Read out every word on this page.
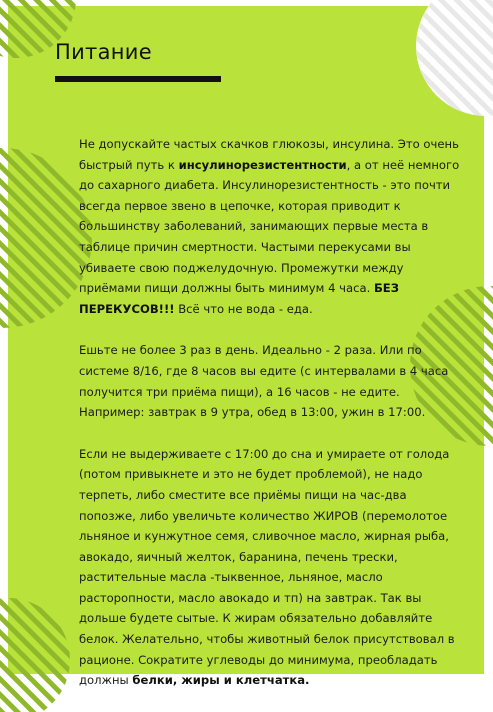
Питание

Не допускайте частых скачков глюкозы, инсулина. Это очень быстрый путь к инсулинорезистентности, а от неё немного до сахарного диабета. Инсулинорезистентность - это почти всегда первое звено в цепочке, которая приводит к большинству заболеваний, занимающих первые места в таблице причин смертности. Частыми перекусами вы убиваете свою поджелудочную. Промежутки между приёмами пищи должны быть минимум 4 часа. БЕЗ ПЕРЕКУСОВ!!! Всё что не вода - еда.

Ешьте не более 3 раз в день. Идеально - 2 раза. Или по системе 8/16, где 8 часов вы едите (с интервалами в 4 часа получится три приёма пищи), а 16 часов - не едите. Например: завтрак в 9 утра, обед в 13:00, ужин в 17:00.

Если не выдерживаете с 17:00 до сна и умираете от голода (потом привыкнете и это не будет проблемой), не надо терпеть, либо сместите все приёмы пищи на час-два попозже, либо увеличьте количество ЖИРОВ (перемолотое льняное и кунжутное семя, сливочное масло, жирная рыба, авокадо, яичный желток, баранина, печень трески, растительные масла -тыквенное, льняное, масло расторопности, масло авокадо и тп) на завтрак. Так вы дольше будете сытые. К жирам обязательно добавляйте белок. Желательно, чтобы животный белок присутствовал в рационе. Сократите углеводы до минимума, преобладать должны белки, жиры и клетчатка.
